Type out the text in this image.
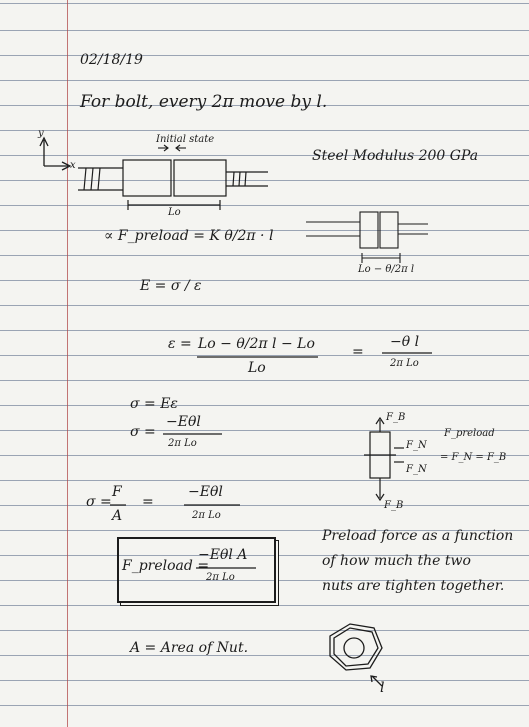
02/18/19
For bolt, every 2π move by l.
Initial state
y
x
Lo
Steel Modulus 200 GPa
Lo − θ/2π l
∝ F_preload = K θ/2π · l
E = σ / ε
ε = Lo − θ/2π l − Lo
Lo
=
−θ l
2π Lo
σ = Eε
σ =
−Eθl
2π Lo
σ =
F
A
=
−Eθl
2π Lo
F_preload =
−Eθl A
2π Lo
F_B
F_B
F_N
F_N
F_preload
= F_N = F_B
Preload force as a function
of how much the two
nuts are tighten together.
A = Area of Nut.
l
